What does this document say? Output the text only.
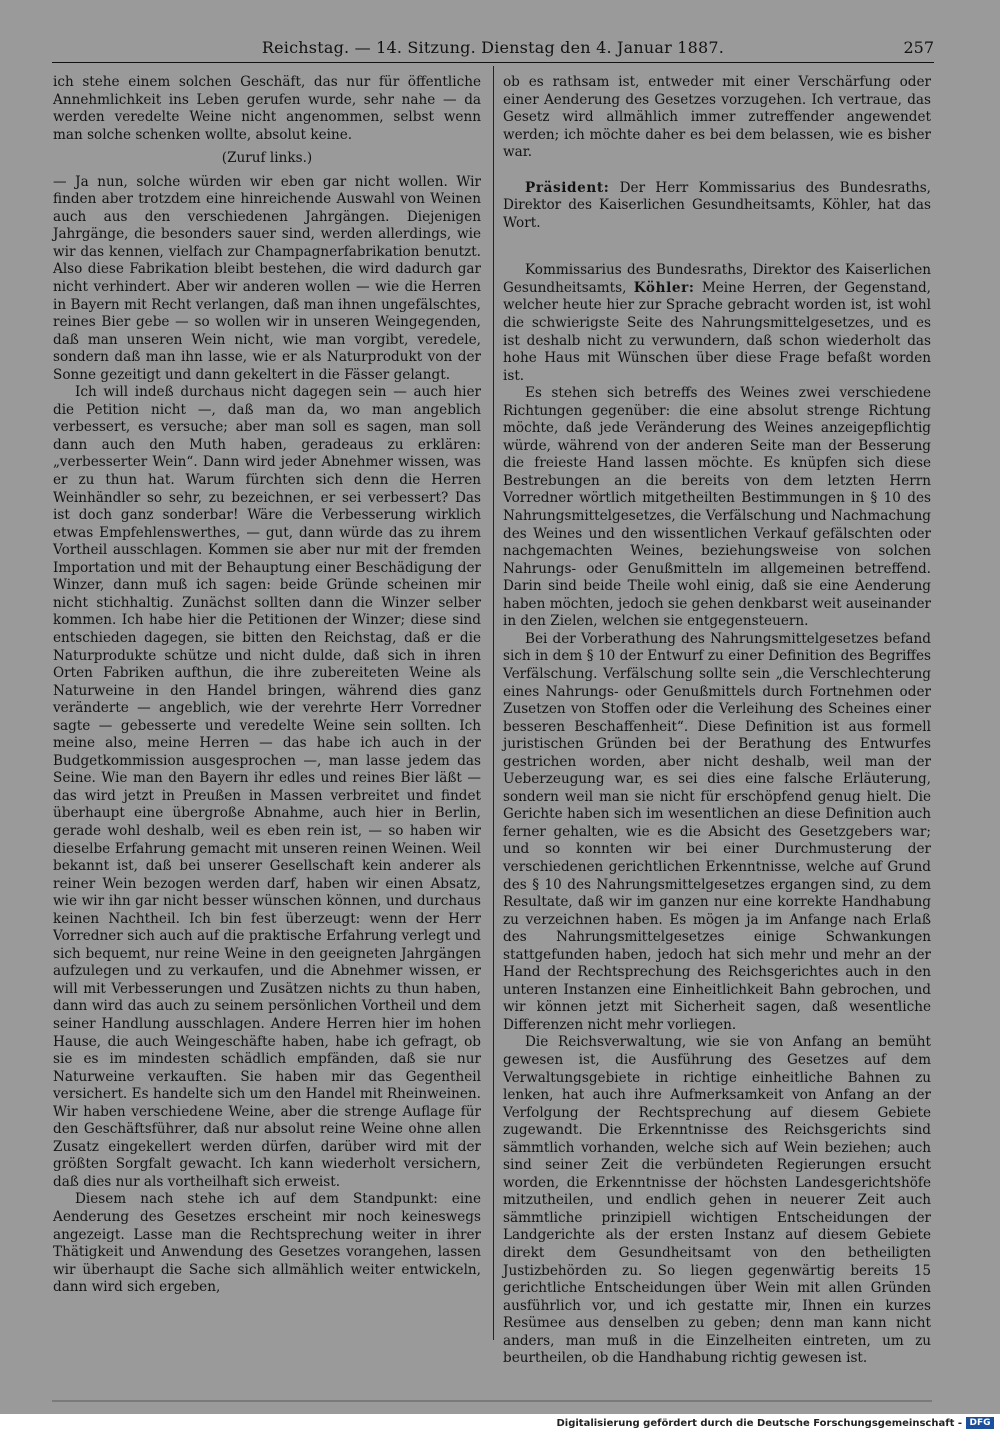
Reichstag. — 14. Sitzung. Dienstag den 4. Januar 1887.	257

ich stehe einem solchen Geschäft, das nur für öffentliche Annehmlichkeit ins Leben gerufen wurde, sehr nahe — da werden veredelte Weine nicht angenommen, selbst wenn man solche schenken wollte, absolut keine.

(Zuruf links.)

— Ja nun, solche würden wir eben gar nicht wollen. Wir finden aber trotzdem eine hinreichende Auswahl von Weinen auch aus den verschiedenen Jahrgängen. Diejenigen Jahrgänge, die besonders sauer sind, werden allerdings, wie wir das kennen, vielfach zur Champagnerfabrikation benutzt. Also diese Fabrikation bleibt bestehen, die wird dadurch gar nicht verhindert. Aber wir anderen wollen — wie die Herren in Bayern mit Recht verlangen, daß man ihnen ungefälschtes, reines Bier gebe — so wollen wir in unseren Weingegenden, daß man unseren Wein nicht, wie man vorgibt, veredele, sondern daß man ihn lasse, wie er als Naturprodukt von der Sonne gezeitigt und dann gekeltert in die Fässer gelangt.

Ich will indeß durchaus nicht dagegen sein — auch hier die Petition nicht —, daß man da, wo man angeblich verbessert, es versuche; aber man soll es sagen, man soll dann auch den Muth haben, geradeaus zu erklären: „verbesserter Wein“. Dann wird jeder Abnehmer wissen, was er zu thun hat. Warum fürchten sich denn die Herren Weinhändler so sehr, zu bezeichnen, er sei verbessert? Das ist doch ganz sonderbar! Wäre die Verbesserung wirklich etwas Empfehlenswerthes, — gut, dann würde das zu ihrem Vortheil ausschlagen. Kommen sie aber nur mit der fremden Importation und mit der Behauptung einer Beschädigung der Winzer, dann muß ich sagen: beide Gründe scheinen mir nicht stichhaltig. Zunächst sollten dann die Winzer selber kommen. Ich habe hier die Petitionen der Winzer; diese sind entschieden dagegen, sie bitten den Reichstag, daß er die Naturprodukte schütze und nicht dulde, daß sich in ihren Orten Fabriken aufthun, die ihre zubereiteten Weine als Naturweine in den Handel bringen, während dies ganz veränderte — angeblich, wie der verehrte Herr Vorredner sagte — gebesserte und veredelte Weine sein sollten. Ich meine also, meine Herren — das habe ich auch in der Budgetkommission ausgesprochen —, man lasse jedem das Seine. Wie man den Bayern ihr edles und reines Bier läßt — das wird jetzt in Preußen in Massen verbreitet und findet überhaupt eine übergroße Abnahme, auch hier in Berlin, gerade wohl deshalb, weil es eben rein ist, — so haben wir dieselbe Erfahrung gemacht mit unseren reinen Weinen. Weil bekannt ist, daß bei unserer Gesellschaft kein anderer als reiner Wein bezogen werden darf, haben wir einen Absatz, wie wir ihn gar nicht besser wünschen können, und durchaus keinen Nachtheil. Ich bin fest überzeugt: wenn der Herr Vorredner sich auch auf die praktische Erfahrung verlegt und sich bequemt, nur reine Weine in den geeigneten Jahrgängen aufzulegen und zu verkaufen, und die Abnehmer wissen, er will mit Verbesserungen und Zusätzen nichts zu thun haben, dann wird das auch zu seinem persönlichen Vortheil und dem seiner Handlung ausschlagen. Andere Herren hier im hohen Hause, die auch Weingeschäfte haben, habe ich gefragt, ob sie es im mindesten schädlich empfänden, daß sie nur Naturweine verkauften. Sie haben mir das Gegentheil versichert. Es handelte sich um den Handel mit Rheinweinen. Wir haben verschiedene Weine, aber die strenge Auflage für den Geschäftsführer, daß nur absolut reine Weine ohne allen Zusatz eingekellert werden dürfen, darüber wird mit der größten Sorgfalt gewacht. Ich kann wiederholt versichern, daß dies nur als vortheilhaft sich erweist.

Diesem nach stehe ich auf dem Standpunkt: eine Aenderung des Gesetzes erscheint mir noch keineswegs angezeigt. Lasse man die Rechtsprechung weiter in ihrer Thätigkeit und Anwendung des Gesetzes vorangehen, lassen wir überhaupt die Sache sich allmählich weiter entwickeln, dann wird sich ergeben,

ob es rathsam ist, entweder mit einer Verschärfung oder einer Aenderung des Gesetzes vorzugehen. Ich vertraue, das Gesetz wird allmählich immer zutreffender angewendet werden; ich möchte daher es bei dem belassen, wie es bisher war.

Präsident: Der Herr Kommissarius des Bundesraths, Direktor des Kaiserlichen Gesundheitsamts, Köhler, hat das Wort.

Kommissarius des Bundesraths, Direktor des Kaiserlichen Gesundheitsamts, Köhler: Meine Herren, der Gegenstand, welcher heute hier zur Sprache gebracht worden ist, ist wohl die schwierigste Seite des Nahrungsmittelgesetzes, und es ist deshalb nicht zu verwundern, daß schon wiederholt das hohe Haus mit Wünschen über diese Frage befaßt worden ist.

Es stehen sich betreffs des Weines zwei verschiedene Richtungen gegenüber: die eine absolut strenge Richtung möchte, daß jede Veränderung des Weines anzeigepflichtig würde, während von der anderen Seite man der Besserung die freieste Hand lassen möchte. Es knüpfen sich diese Bestrebungen an die bereits von dem letzten Herrn Vorredner wörtlich mitgetheilten Bestimmungen in § 10 des Nahrungsmittelgesetzes, die Verfälschung und Nachmachung des Weines und den wissentlichen Verkauf gefälschten oder nachgemachten Weines, beziehungsweise von solchen Nahrungs- oder Genußmitteln im allgemeinen betreffend. Darin sind beide Theile wohl einig, daß sie eine Aenderung haben möchten, jedoch sie gehen denkbarst weit auseinander in den Zielen, welchen sie entgegensteuern.

Bei der Vorberathung des Nahrungsmittelgesetzes befand sich in dem § 10 der Entwurf zu einer Definition des Begriffes Verfälschung. Verfälschung sollte sein „die Verschlechterung eines Nahrungs- oder Genußmittels durch Fortnehmen oder Zusetzen von Stoffen oder die Verleihung des Scheines einer besseren Beschaffenheit“. Diese Definition ist aus formell juristischen Gründen bei der Berathung des Entwurfes gestrichen worden, aber nicht deshalb, weil man der Ueberzeugung war, es sei dies eine falsche Erläuterung, sondern weil man sie nicht für erschöpfend genug hielt. Die Gerichte haben sich im wesentlichen an diese Definition auch ferner gehalten, wie es die Absicht des Gesetzgebers war; und so konnten wir bei einer Durchmusterung der verschiedenen gerichtlichen Erkenntnisse, welche auf Grund des § 10 des Nahrungsmittelgesetzes ergangen sind, zu dem Resultate, daß wir im ganzen nur eine korrekte Handhabung zu verzeichnen haben. Es mögen ja im Anfange nach Erlaß des Nahrungsmittelgesetzes einige Schwankungen stattgefunden haben, jedoch hat sich mehr und mehr an der Hand der Rechtsprechung des Reichsgerichtes auch in den unteren Instanzen eine Einheitlichkeit Bahn gebrochen, und wir können jetzt mit Sicherheit sagen, daß wesentliche Differenzen nicht mehr vorliegen.

Die Reichsverwaltung, wie sie von Anfang an bemüht gewesen ist, die Ausführung des Gesetzes auf dem Verwaltungsgebiete in richtige einheitliche Bahnen zu lenken, hat auch ihre Aufmerksamkeit von Anfang an der Verfolgung der Rechtsprechung auf diesem Gebiete zugewandt. Die Erkenntnisse des Reichsgerichts sind sämmtlich vorhanden, welche sich auf Wein beziehen; auch sind seiner Zeit die verbündeten Regierungen ersucht worden, die Erkenntnisse der höchsten Landesgerichtshöfe mitzutheilen, und endlich gehen in neuerer Zeit auch sämmtliche prinzipiell wichtigen Entscheidungen der Landgerichte als der ersten Instanz auf diesem Gebiete direkt dem Gesundheitsamt von den betheiligten Justizbehörden zu. So liegen gegenwärtig bereits 15 gerichtliche Entscheidungen über Wein mit allen Gründen ausführlich vor, und ich gestatte mir, Ihnen ein kurzes Resümee aus denselben zu geben; denn man kann nicht anders, man muß in die Einzelheiten eintreten, um zu beurtheilen, ob die Handhabung richtig gewesen ist.

Digitalisierung gefördert durch die Deutsche Forschungsgemeinschaft - DFG
